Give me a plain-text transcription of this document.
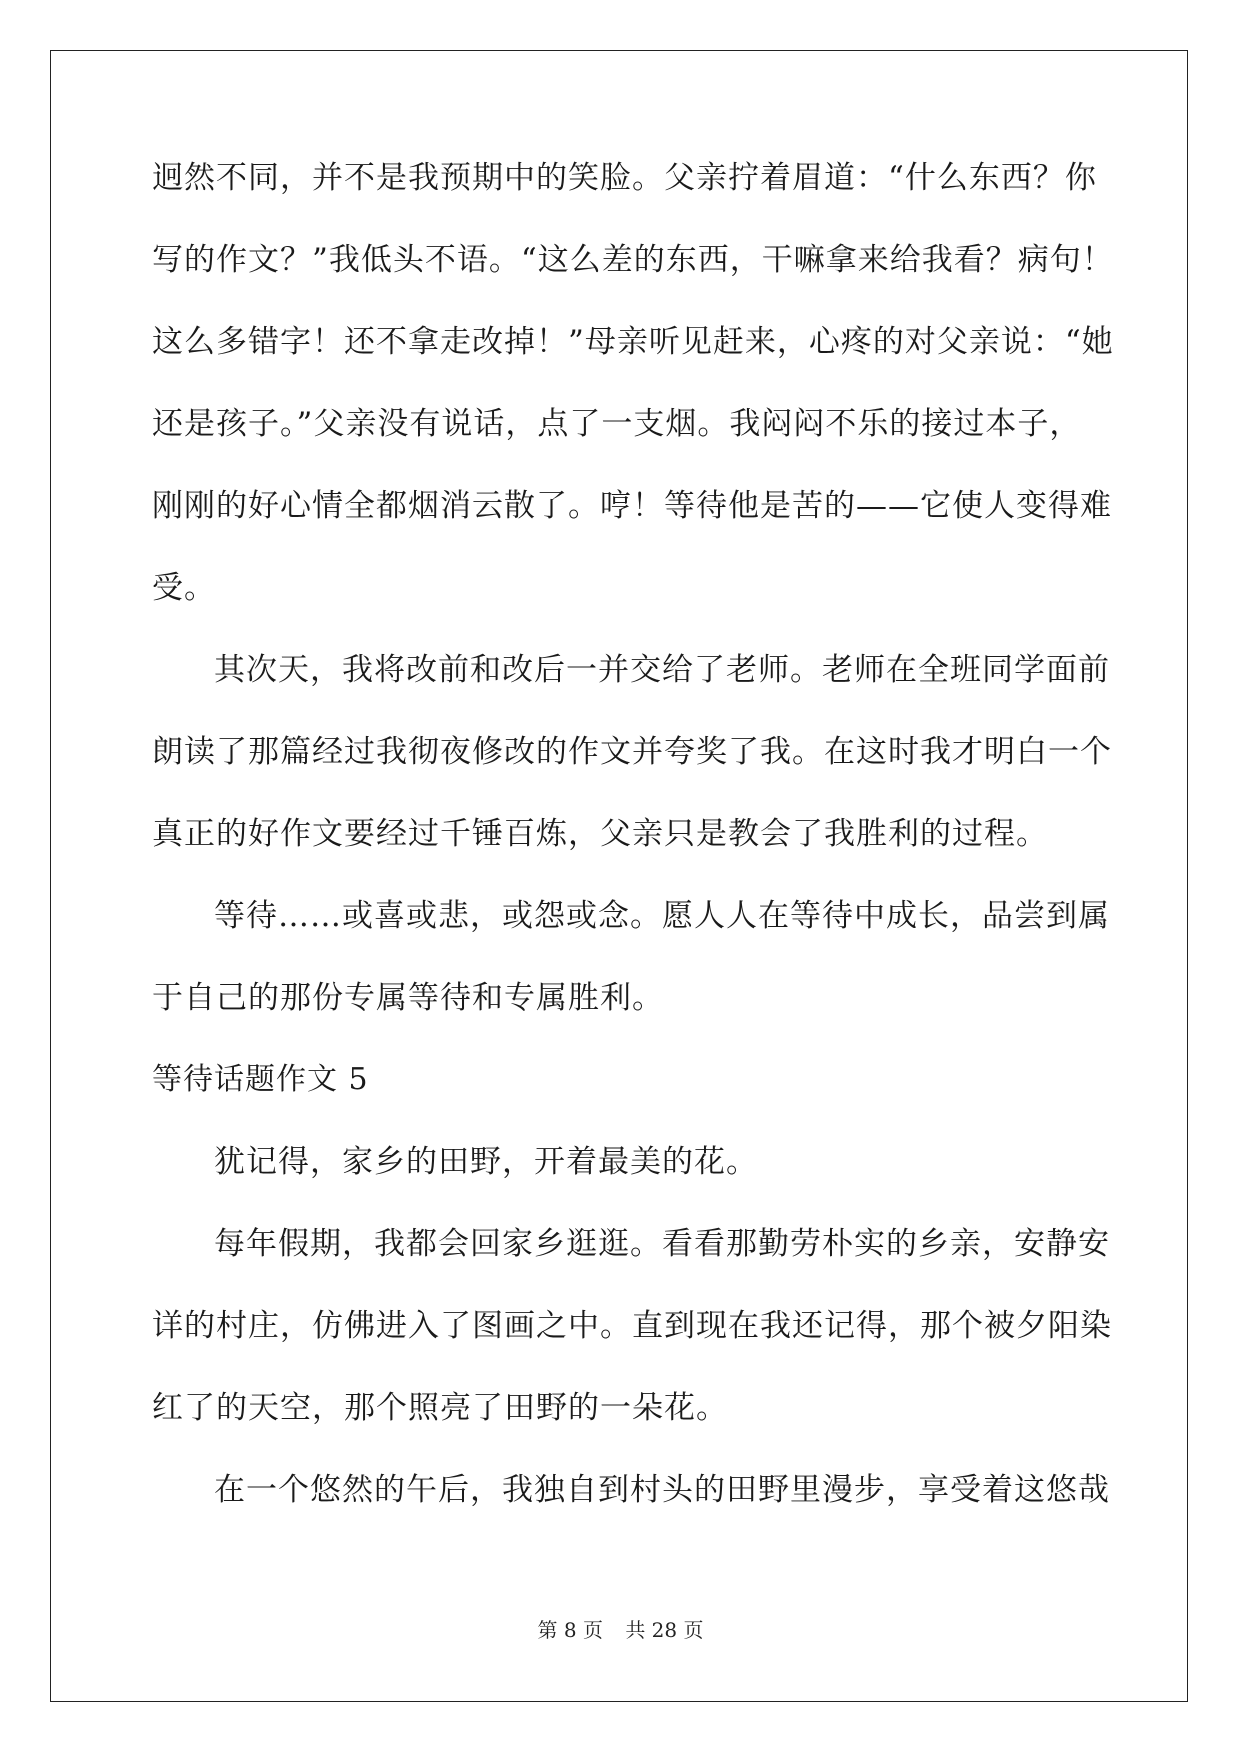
迥然不同，并不是我预期中的笑脸。父亲拧着眉道：“什么东西？你

写的作文？”我低头不语。“这么差的东西，干嘛拿来给我看？病句！

这么多错字！还不拿走改掉！”母亲听见赶来，心疼的对父亲说：“她

还是孩子。”父亲没有说话，点了一支烟。我闷闷不乐的接过本子，

刚刚的好心情全都烟消云散了。哼！等待他是苦的——它使人变得难

受。

其次天，我将改前和改后一并交给了老师。老师在全班同学面前

朗读了那篇经过我彻夜修改的作文并夸奖了我。在这时我才明白一个

真正的好作文要经过千锤百炼，父亲只是教会了我胜利的过程。

等待……或喜或悲，或怨或念。愿人人在等待中成长，品尝到属

于自己的那份专属等待和专属胜利。

等待话题作文 5

犹记得，家乡的田野，开着最美的花。

每年假期，我都会回家乡逛逛。看看那勤劳朴实的乡亲，安静安

详的村庄，仿佛进入了图画之中。直到现在我还记得，那个被夕阳染

红了的天空，那个照亮了田野的一朵花。

在一个悠然的午后，我独自到村头的田野里漫步，享受着这悠哉

第 8 页 共 28 页
